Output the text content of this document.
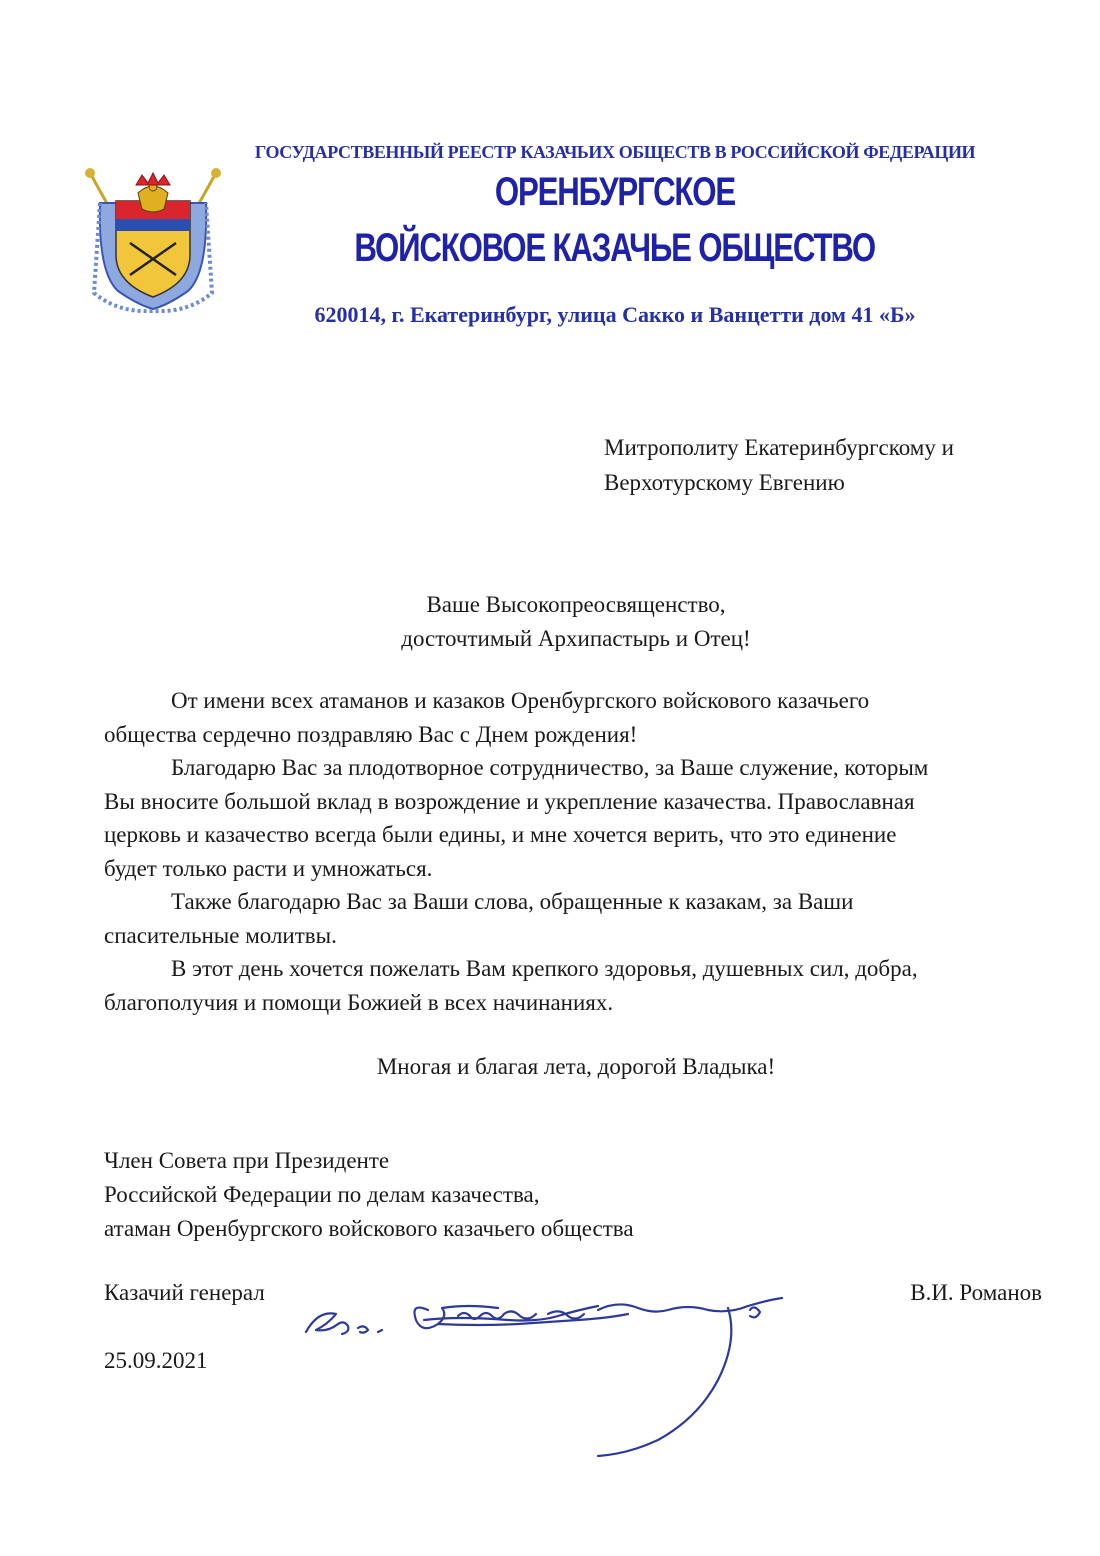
ГОСУДАРСТВЕННЫЙ РЕЕСТР КАЗАЧЬИХ ОБЩЕСТВ В РОССИЙСКОЙ ФЕДЕРАЦИИ
ОРЕНБУРГСКОЕ
ВОЙСКОВОЕ КАЗАЧЬЕ ОБЩЕСТВО
620014, г. Екатеринбург, улица Сакко и Ванцетти дом 41 «Б»
Митрополиту Екатеринбургскому и
Верхотурскому Евгению
Ваше Высокопреосвященство,
досточтимый Архипастырь и Отец!

От имени всех атаманов и казаков Оренбургского войскового казачьего
общества сердечно поздравляю Вас с Днем рождения!

Благодарю Вас за плодотворное сотрудничество, за Ваше служение, которым
Вы вносите большой вклад в возрождение и укрепление казачества. Православная
церковь и казачество всегда были едины, и мне хочется верить, что это единение
будет только расти и умножаться.

Также благодарю Вас за Ваши слова, обращенные к казакам, за Ваши
спасительные молитвы.

В этот день хочется пожелать Вам крепкого здоровья, душевных сил, добра,
благополучия и помощи Божией в всех начинаниях.

Многая и благая лета, дорогой Владыка!
Член Совета при Президенте
Российской Федерации по делам казачества,
атаман Оренбургского войскового казачьего общества
Казачий генерал	В.И. Романов
25.09.2021
